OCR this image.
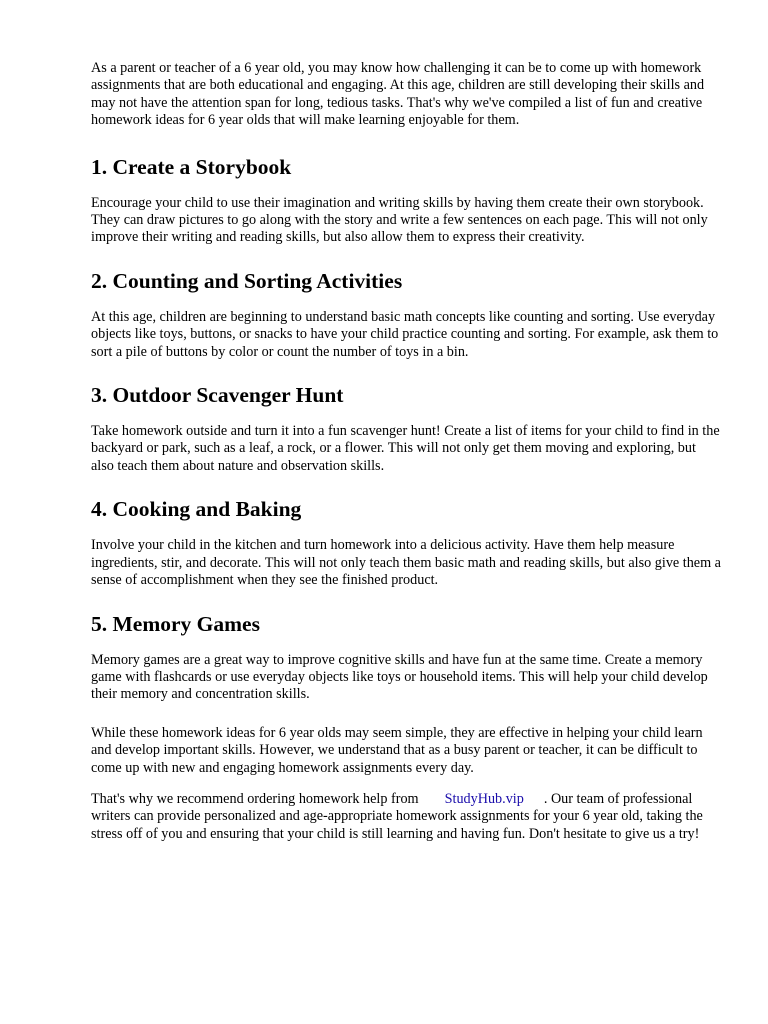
As a parent or teacher of a 6 year old, you may know how challenging it can be to come up with homework assignments that are both educational and engaging. At this age, children are still developing their skills and may not have the attention span for long, tedious tasks. That's why we've compiled a list of fun and creative homework ideas for 6 year olds that will make learning enjoyable for them.

1. Create a Storybook

Encourage your child to use their imagination and writing skills by having them create their own storybook. They can draw pictures to go along with the story and write a few sentences on each page. This will not only improve their writing and reading skills, but also allow them to express their creativity.

2. Counting and Sorting Activities

At this age, children are beginning to understand basic math concepts like counting and sorting. Use everyday objects like toys, buttons, or snacks to have your child practice counting and sorting. For example, ask them to sort a pile of buttons by color or count the number of toys in a bin.

3. Outdoor Scavenger Hunt

Take homework outside and turn it into a fun scavenger hunt! Create a list of items for your child to find in the backyard or park, such as a leaf, a rock, or a flower. This will not only get them moving and exploring, but also teach them about nature and observation skills.

4. Cooking and Baking

Involve your child in the kitchen and turn homework into a delicious activity. Have them help measure ingredients, stir, and decorate. This will not only teach them basic math and reading skills, but also give them a sense of accomplishment when they see the finished product.

5. Memory Games

Memory games are a great way to improve cognitive skills and have fun at the same time. Create a memory game with flashcards or use everyday objects like toys or household items. This will help your child develop their memory and concentration skills.

While these homework ideas for 6 year olds may seem simple, they are effective in helping your child learn and develop important skills. However, we understand that as a busy parent or teacher, it can be difficult to come up with new and engaging homework assignments every day.

That's why we recommend ordering homework help from StudyHub.vip . Our team of professional writers can provide personalized and age-appropriate homework assignments for your 6 year old, taking the stress off of you and ensuring that your child is still learning and having fun. Don't hesitate to give us a try!
